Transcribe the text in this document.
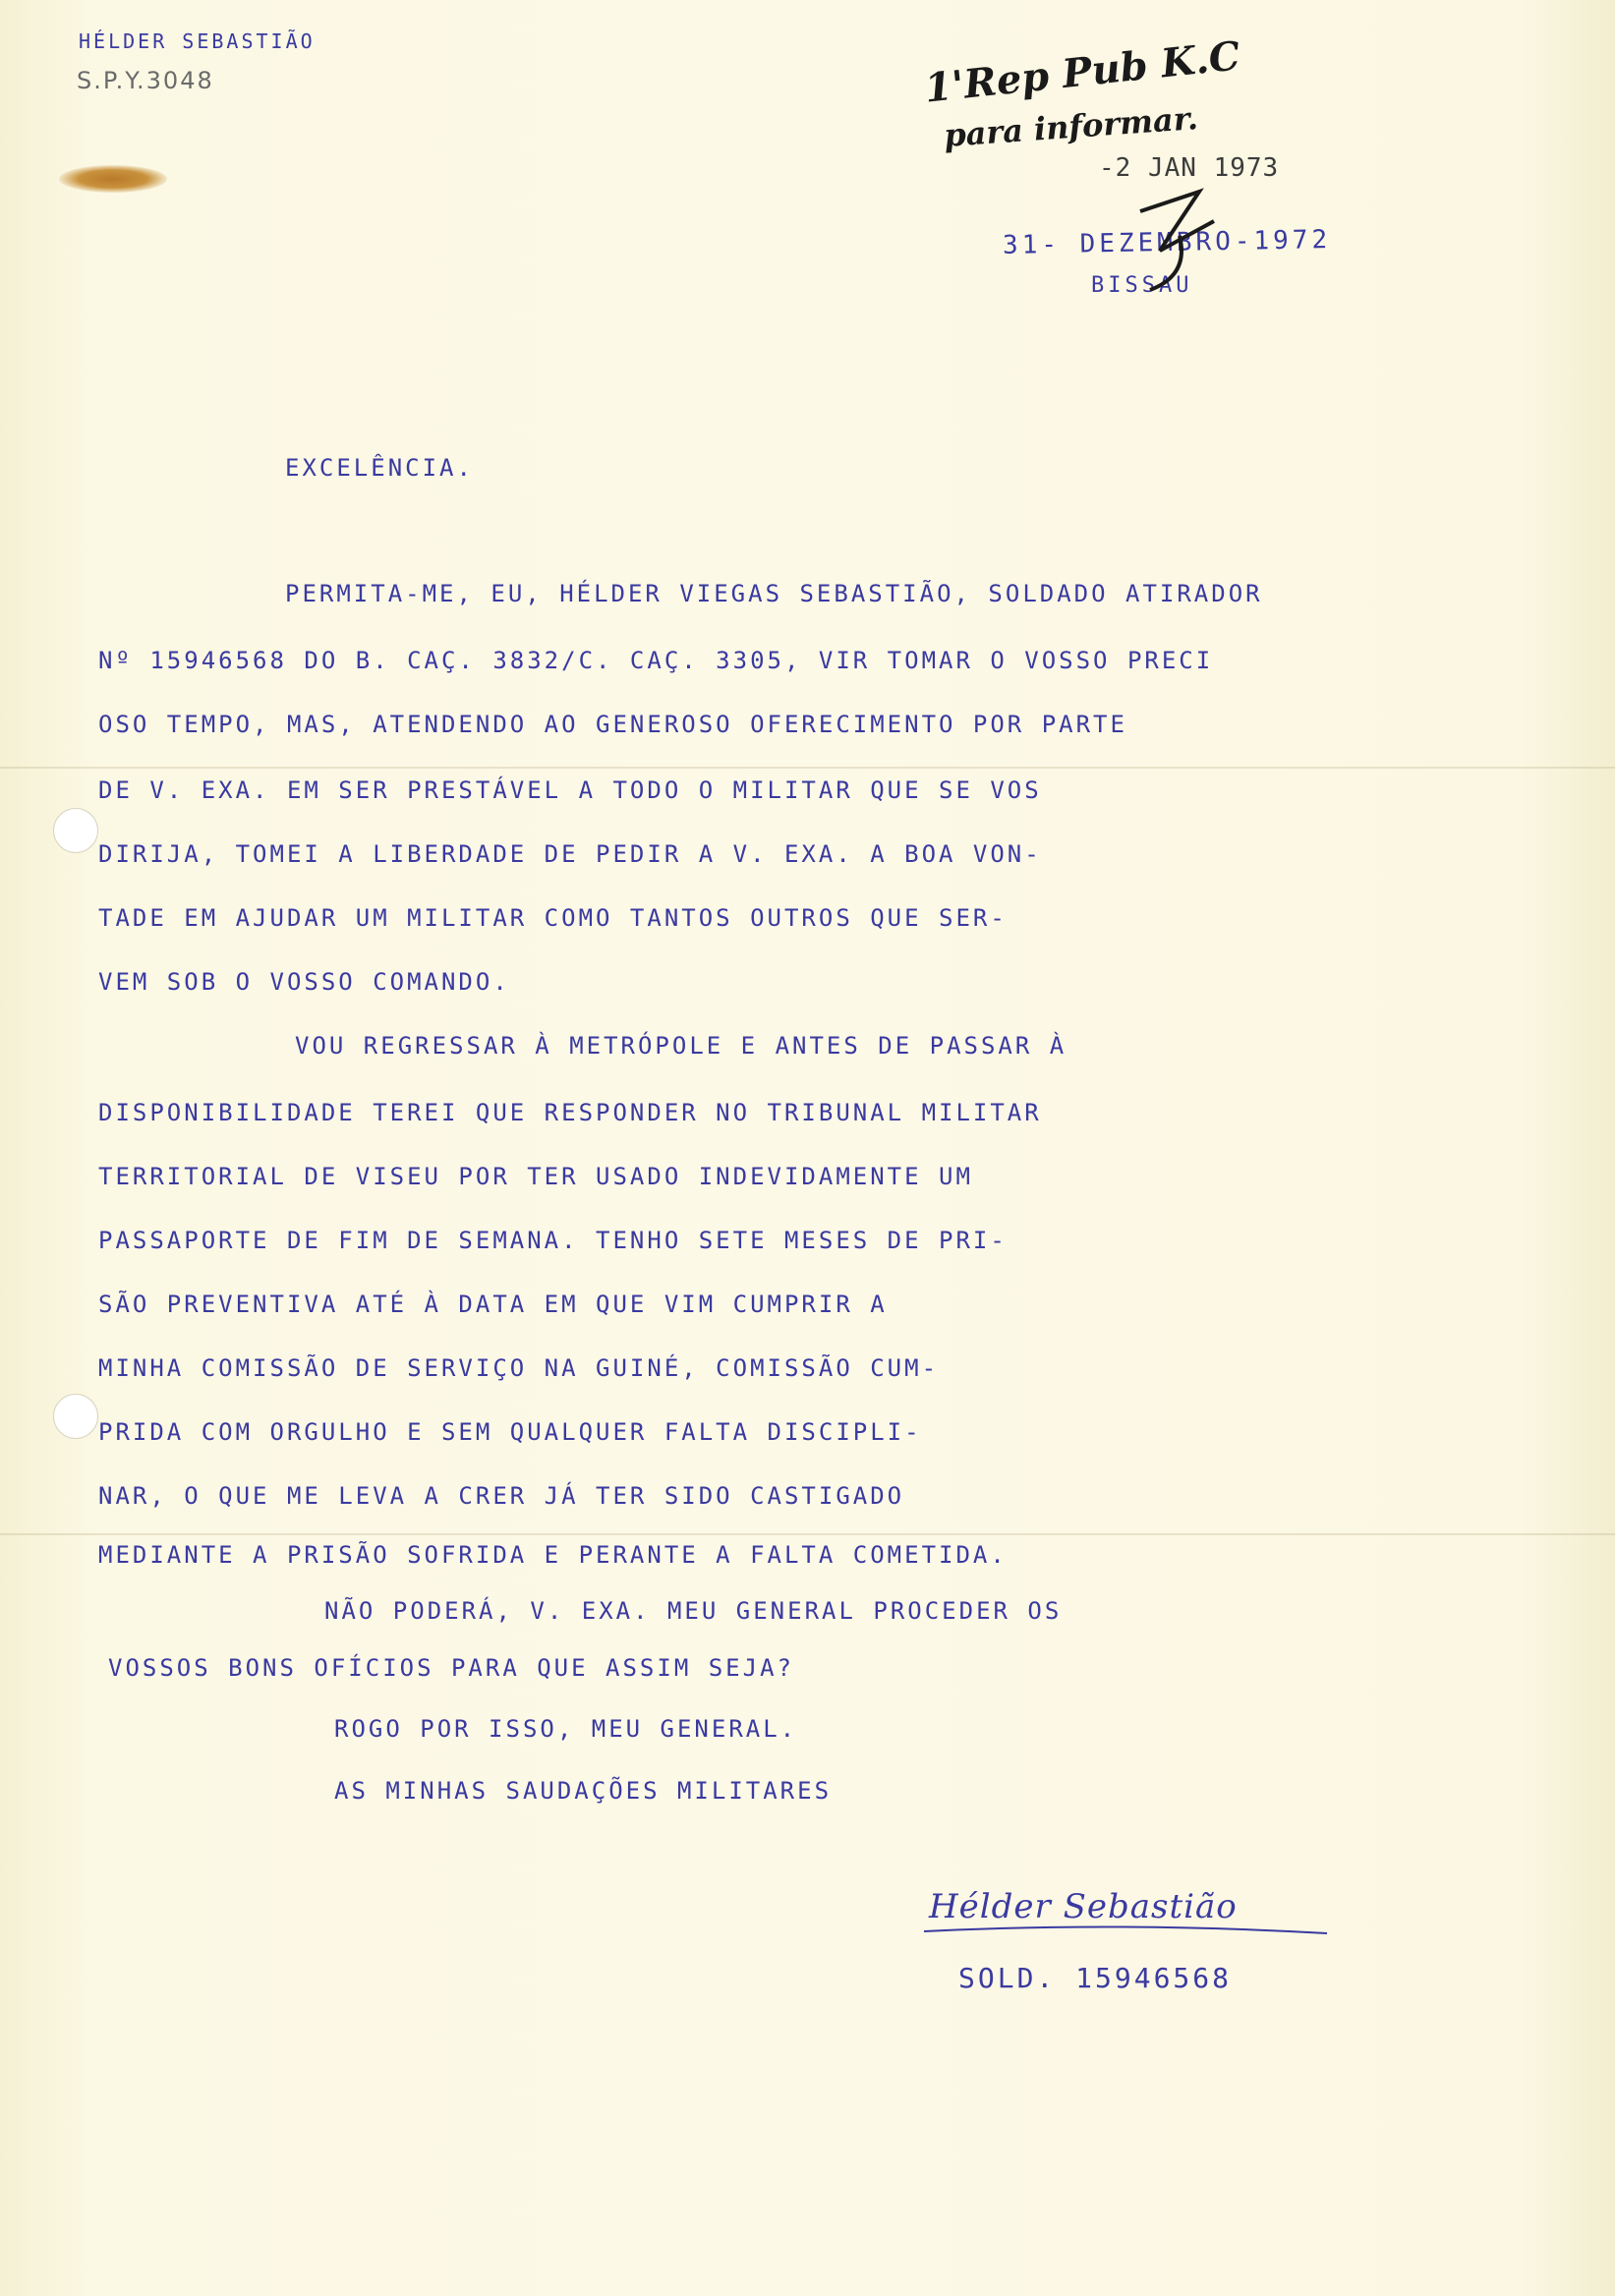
HÉLDER SEBASTIÃO
S.P.Y.3048	1'Rep Pub K.C
para informar.
-2 JAN 1973
31- DEZEMBRO-1972
BISSAU
EXCELÊNCIA.
PERMITA-ME, EU, HÉLDER VIEGAS SEBASTIÃO, SOLDADO ATIRADOR
Nº 15946568 DO B. CAÇ. 3832/C. CAÇ. 3305, VIR TOMAR O VOSSO PRECI
OSO TEMPO, MAS, ATENDENDO AO GENEROSO OFERECIMENTO POR PARTE
DE V. EXA. EM SER PRESTÁVEL A TODO O MILITAR QUE SE VOS
DIRIJA, TOMEI A LIBERDADE DE PEDIR A V. EXA. A BOA VON-
TADE EM AJUDAR UM MILITAR COMO TANTOS OUTROS QUE SER-
VEM SOB O VOSSO COMANDO.
VOU REGRESSAR À METRÓPOLE E ANTES DE PASSAR À
DISPONIBILIDADE TEREI QUE RESPONDER NO TRIBUNAL MILITAR
TERRITORIAL DE VISEU POR TER USADO INDEVIDAMENTE UM
PASSAPORTE DE FIM DE SEMANA. TENHO SETE MESES DE PRI-
SÃO PREVENTIVA ATÉ À DATA EM QUE VIM CUMPRIR A
MINHA COMISSÃO DE SERVIÇO NA GUINÉ, COMISSÃO CUM-
PRIDA COM ORGULHO E SEM QUALQUER FALTA DISCIPLI-
NAR, O QUE ME LEVA A CRER JÁ TER SIDO CASTIGADO
MEDIANTE A PRISÃO SOFRIDA E PERANTE A FALTA COMETIDA.
NÃO PODERÁ, V. EXA. MEU GENERAL PROCEDER OS
VOSSOS BONS OFÍCIOS PARA QUE ASSIM SEJA?
ROGO POR ISSO, MEU GENERAL.
AS MINHAS SAUDAÇÕES MILITARES
Hélder Sebastião
SOLD. 15946568
